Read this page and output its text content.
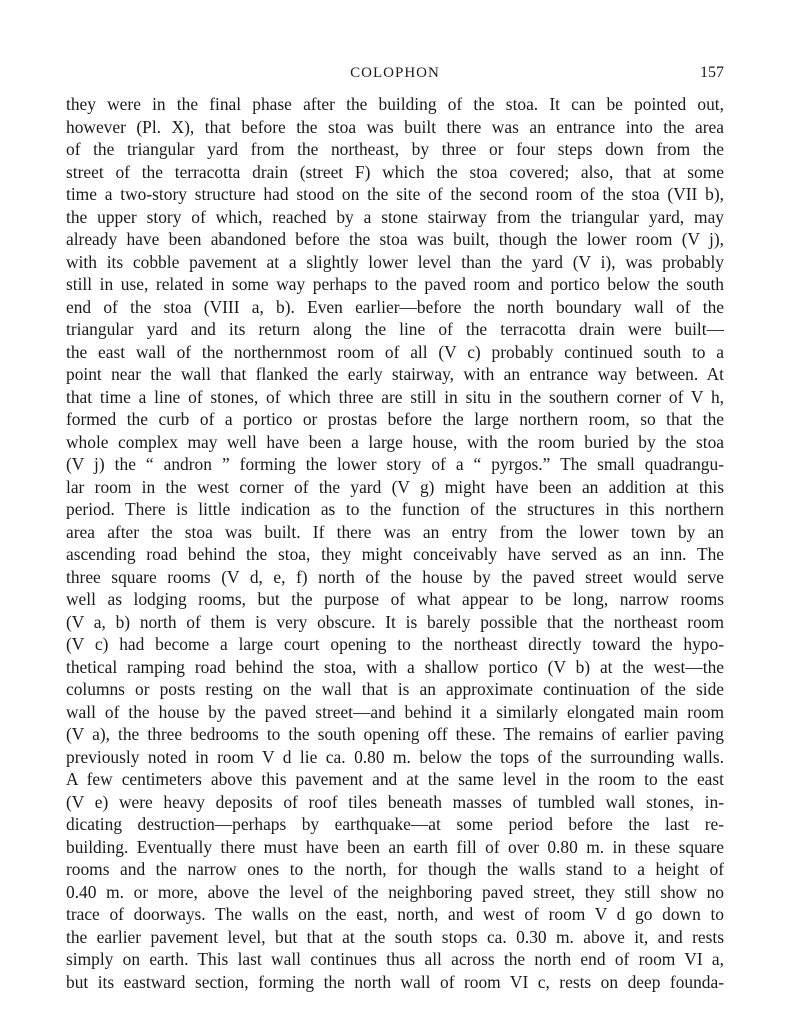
COLOPHON	157
they were in the final phase after the building of the stoa. It can be pointed out,
however (Pl. X), that before the stoa was built there was an entrance into the area
of the triangular yard from the northeast, by three or four steps down from the
street of the terracotta drain (street F) which the stoa covered; also, that at some
time a two-story structure had stood on the site of the second room of the stoa (VII b),
the upper story of which, reached by a stone stairway from the triangular yard, may
already have been abandoned before the stoa was built, though the lower room (V j),
with its cobble pavement at a slightly lower level than the yard (V i), was probably
still in use, related in some way perhaps to the paved room and portico below the south
end of the stoa (VIII a, b). Even earlier—before the north boundary wall of the
triangular yard and its return along the line of the terracotta drain were built—
the east wall of the northernmost room of all (V c) probably continued south to a
point near the wall that flanked the early stairway, with an entrance way between. At
that time a line of stones, of which three are still in situ in the southern corner of V h,
formed the curb of a portico or prostas before the large northern room, so that the
whole complex may well have been a large house, with the room buried by the stoa
(V j) the “ andron ” forming the lower story of a “ pyrgos.” The small quadrangu-
lar room in the west corner of the yard (V g) might have been an addition at this
period. There is little indication as to the function of the structures in this northern
area after the stoa was built. If there was an entry from the lower town by an
ascending road behind the stoa, they might conceivably have served as an inn. The
three square rooms (V d, e, f) north of the house by the paved street would serve
well as lodging rooms, but the purpose of what appear to be long, narrow rooms
(V a, b) north of them is very obscure. It is barely possible that the northeast room
(V c) had become a large court opening to the northeast directly toward the hypo-
thetical ramping road behind the stoa, with a shallow portico (V b) at the west—the
columns or posts resting on the wall that is an approximate continuation of the side
wall of the house by the paved street—and behind it a similarly elongated main room
(V a), the three bedrooms to the south opening off these. The remains of earlier paving
previously noted in room V d lie ca. 0.80 m. below the tops of the surrounding walls.
A few centimeters above this pavement and at the same level in the room to the east
(V e) were heavy deposits of roof tiles beneath masses of tumbled wall stones, in-
dicating destruction—perhaps by earthquake—at some period before the last re-
building. Eventually there must have been an earth fill of over 0.80 m. in these square
rooms and the narrow ones to the north, for though the walls stand to a height of
0.40 m. or more, above the level of the neighboring paved street, they still show no
trace of doorways. The walls on the east, north, and west of room V d go down to
the earlier pavement level, but that at the south stops ca. 0.30 m. above it, and rests
simply on earth. This last wall continues thus all across the north end of room VI a,
but its eastward section, forming the north wall of room VI c, rests on deep founda-
